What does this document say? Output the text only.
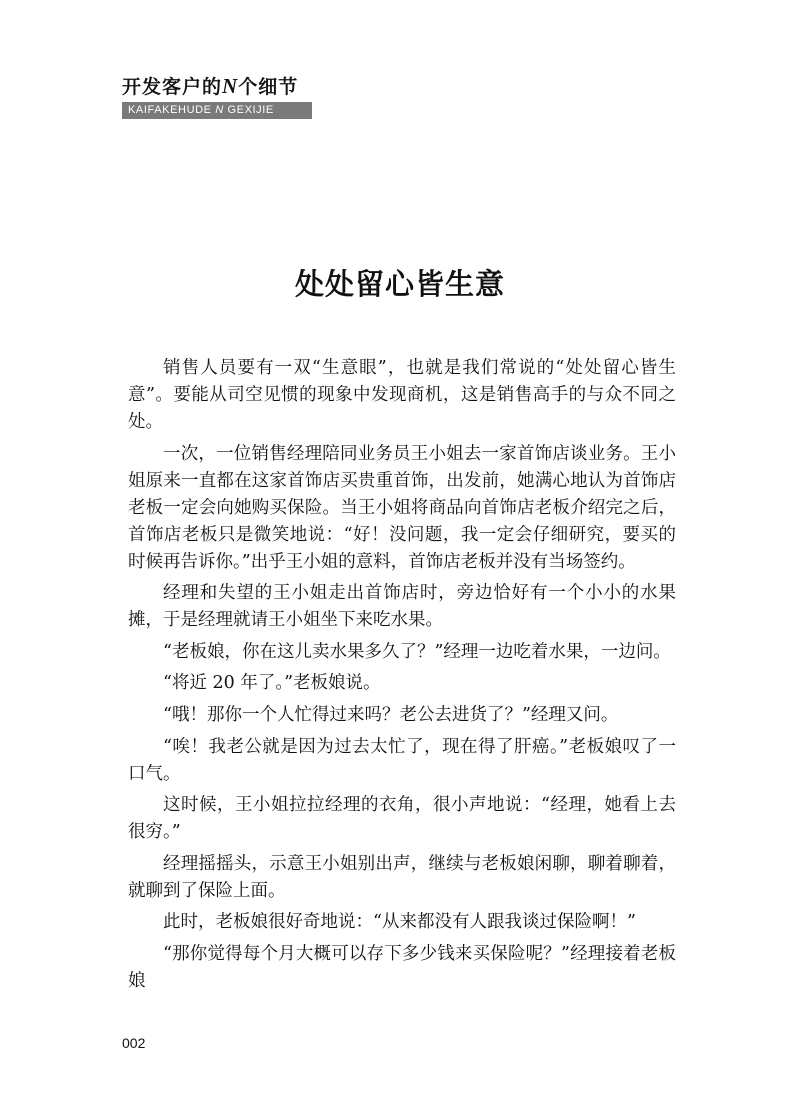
开发客户的N个细节
KAIFAKEHUDE N GEXIJIE
处处留心皆生意

销售人员要有一双“生意眼”，也就是我们常说的“处处留心皆生意”。要能从司空见惯的现象中发现商机，这是销售高手的与众不同之处。

一次，一位销售经理陪同业务员王小姐去一家首饰店谈业务。王小姐原来一直都在这家首饰店买贵重首饰，出发前，她满心地认为首饰店老板一定会向她购买保险。当王小姐将商品向首饰店老板介绍完之后，首饰店老板只是微笑地说：“好！没问题，我一定会仔细研究，要买的时候再告诉你。”出乎王小姐的意料，首饰店老板并没有当场签约。

经理和失望的王小姐走出首饰店时，旁边恰好有一个小小的水果摊，于是经理就请王小姐坐下来吃水果。

“老板娘，你在这儿卖水果多久了？”经理一边吃着水果，一边问。

“将近 20 年了。”老板娘说。

“哦！那你一个人忙得过来吗？老公去进货了？”经理又问。

“唉！我老公就是因为过去太忙了，现在得了肝癌。”老板娘叹了一口气。

这时候，王小姐拉拉经理的衣角，很小声地说：“经理，她看上去很穷。”

经理摇摇头，示意王小姐别出声，继续与老板娘闲聊，聊着聊着，就聊到了保险上面。

此时，老板娘很好奇地说：“从来都没有人跟我谈过保险啊！”

“那你觉得每个月大概可以存下多少钱来买保险呢？”经理接着老板娘

002
